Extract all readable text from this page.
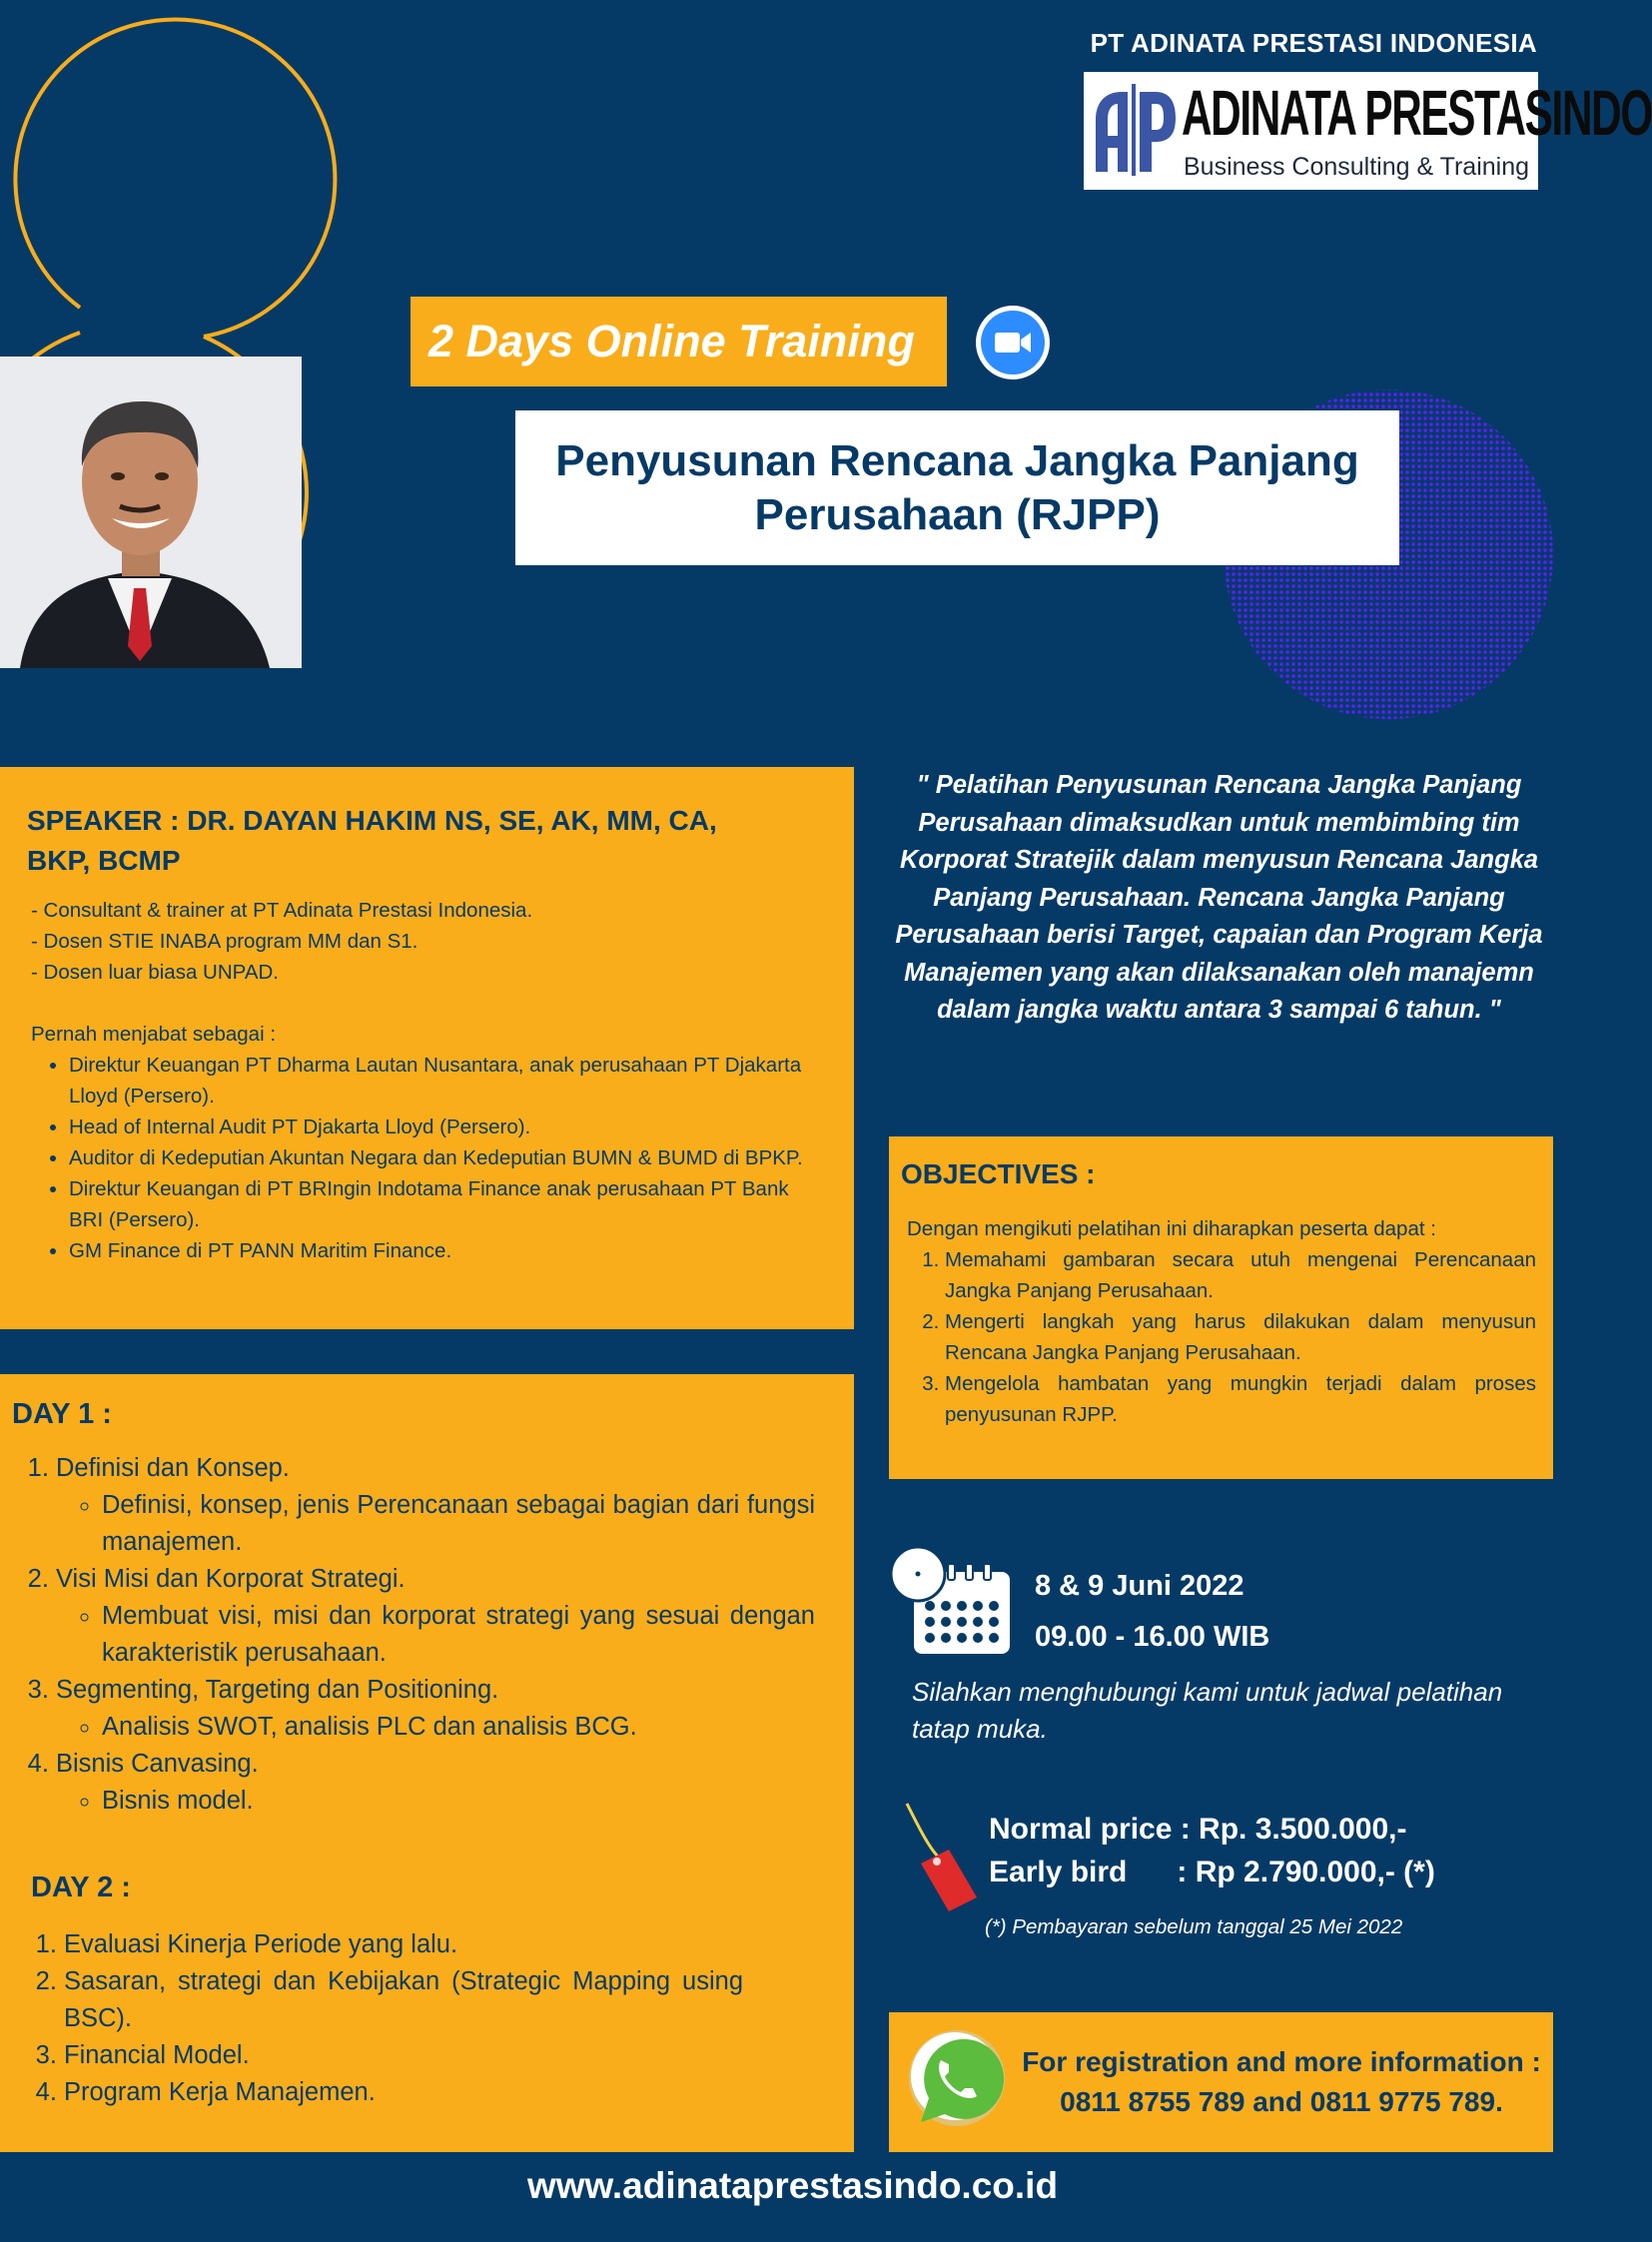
PT ADINATA PRESTASI INDONESIA
ADINATA PRESTASINDO
Business Consulting & Training
2 Days Online Training
Penyusunan Rencana Jangka Panjang Perusahaan (RJPP)
SPEAKER : DR. DAYAN HAKIM NS, SE, AK, MM, CA, BKP, BCMP

- Consultant & trainer at PT Adinata Prestasi Indonesia.

- Dosen STIE INABA program MM dan S1.

- Dosen luar biasa UNPAD.

Pernah menjabat sebagai :

• Direktur Keuangan PT Dharma Lautan Nusantara, anak perusahaan PT Djakarta Lloyd (Persero).
• Head of Internal Audit PT Djakarta Lloyd (Persero).
• Auditor di Kedeputian Akuntan Negara dan Kedeputian BUMN & BUMD di BPKP.
• Direktur Keuangan di PT BRIngin Indotama Finance anak perusahaan PT Bank BRI (Persero).
• GM Finance di PT PANN Maritim Finance.
" Pelatihan Penyusunan Rencana Jangka Panjang Perusahaan dimaksudkan untuk membimbing tim Korporat Stratejik dalam menyusun Rencana Jangka Panjang Perusahaan. Rencana Jangka Panjang Perusahaan berisi Target, capaian dan Program Kerja Manajemen yang akan dilaksanakan oleh manajemn dalam jangka waktu antara 3 sampai 6 tahun. "
OBJECTIVES :
Dengan mengikuti pelatihan ini diharapkan peserta dapat :
1. Memahami gambaran secara utuh mengenai Perencanaan Jangka Panjang Perusahaan.
2. Mengerti langkah yang harus dilakukan dalam menyusun Rencana Jangka Panjang Perusahaan.
3. Mengelola hambatan yang mungkin terjadi dalam proses penyusunan RJPP.
DAY 1 :
1. Definisi dan Konsep.
◦ Definisi, konsep, jenis Perencanaan sebagai bagian dari fungsi manajemen.
2. Visi Misi dan Korporat Strategi.
◦ Membuat visi, misi dan korporat strategi yang sesuai dengan karakteristik perusahaan.
3. Segmenting, Targeting dan Positioning.
◦ Analisis SWOT, analisis PLC dan analisis BCG.
4. Bisnis Canvasing.
◦ Bisnis model.
DAY 2 :
1. Evaluasi Kinerja Periode yang lalu.
2. Sasaran, strategi dan Kebijakan (Strategic Mapping using BSC).
3. Financial Model.
4. Program Kerja Manajemen.
8 & 9 Juni 2022
09.00 - 16.00 WIB
Silahkan menghubungi kami untuk jadwal pelatihan tatap muka.
Normal price : Rp. 3.500.000,-
Early bird      : Rp 2.790.000,- (*)
(*) Pembayaran sebelum tanggal 25 Mei 2022
For registration and more information :
0811 8755 789 and 0811 9775 789.
www.adinataprestasindo.co.id
